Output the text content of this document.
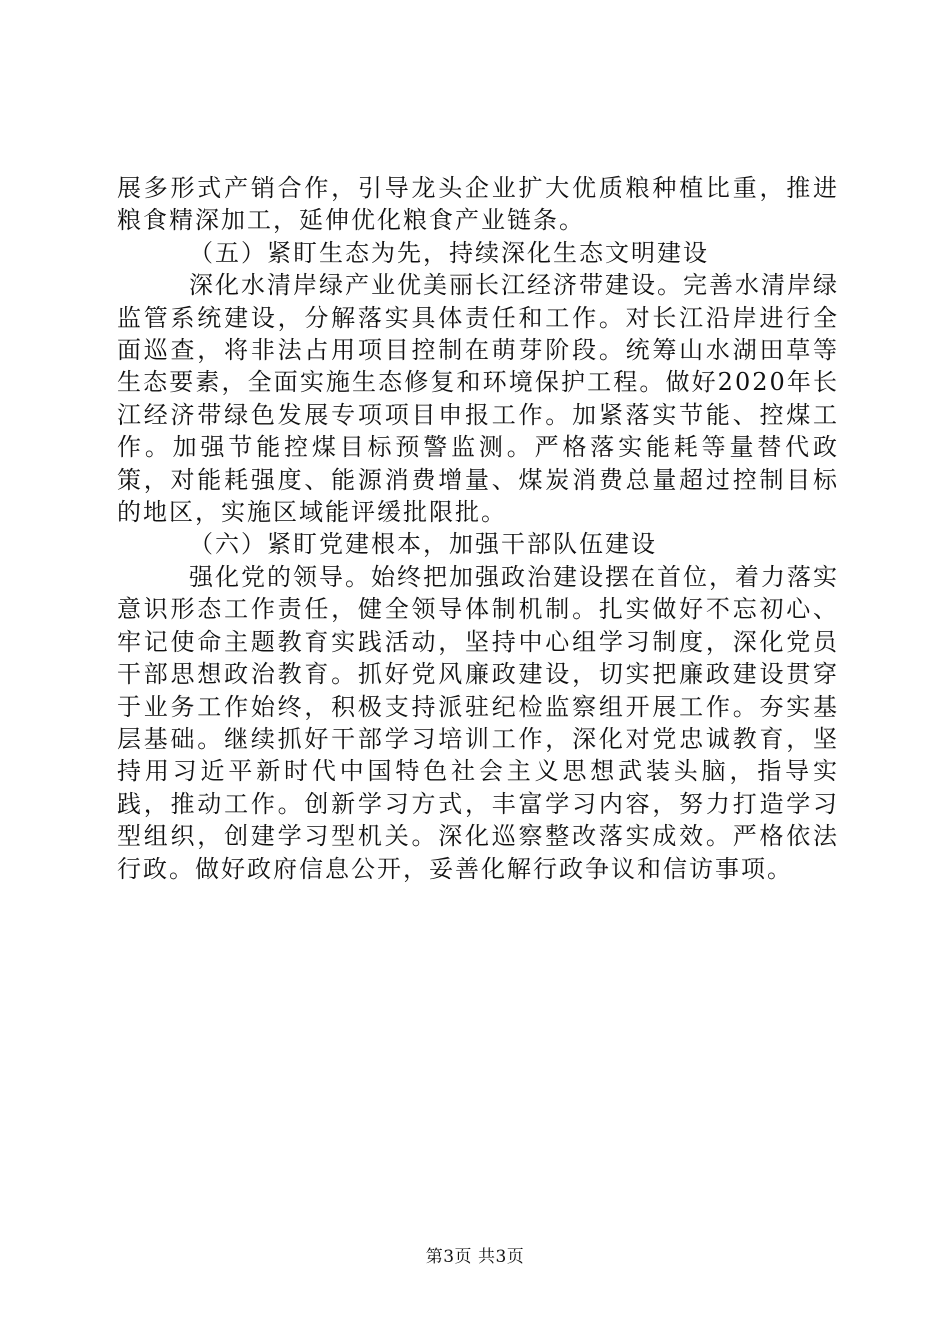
展多形式产销合作，引导龙头企业扩大优质粮种植比重，推进粮食精深加工，延伸优化粮食产业链条。

（五）紧盯生态为先，持续深化生态文明建设

深化水清岸绿产业优美丽长江经济带建设。完善水清岸绿监管系统建设，分解落实具体责任和工作。对长江沿岸进行全面巡查，将非法占用项目控制在萌芽阶段。统筹山水湖田草等生态要素，全面实施生态修复和环境保护工程。做好2020年长江经济带绿色发展专项项目申报工作。加紧落实节能、控煤工作。加强节能控煤目标预警监测。严格落实能耗等量替代政策，对能耗强度、能源消费增量、煤炭消费总量超过控制目标的地区，实施区域能评缓批限批。

（六）紧盯党建根本，加强干部队伍建设

强化党的领导。始终把加强政治建设摆在首位，着力落实意识形态工作责任，健全领导体制机制。扎实做好不忘初心、牢记使命主题教育实践活动，坚持中心组学习制度，深化党员干部思想政治教育。抓好党风廉政建设，切实把廉政建设贯穿于业务工作始终，积极支持派驻纪检监察组开展工作。夯实基层基础。继续抓好干部学习培训工作，深化对党忠诚教育，坚持用习近平新时代中国特色社会主义思想武装头脑，指导实践，推动工作。创新学习方式，丰富学习内容，努力打造学习型组织，创建学习型机关。深化巡察整改落实成效。严格依法行政。做好政府信息公开，妥善化解行政争议和信访事项。

第3页 共3页
